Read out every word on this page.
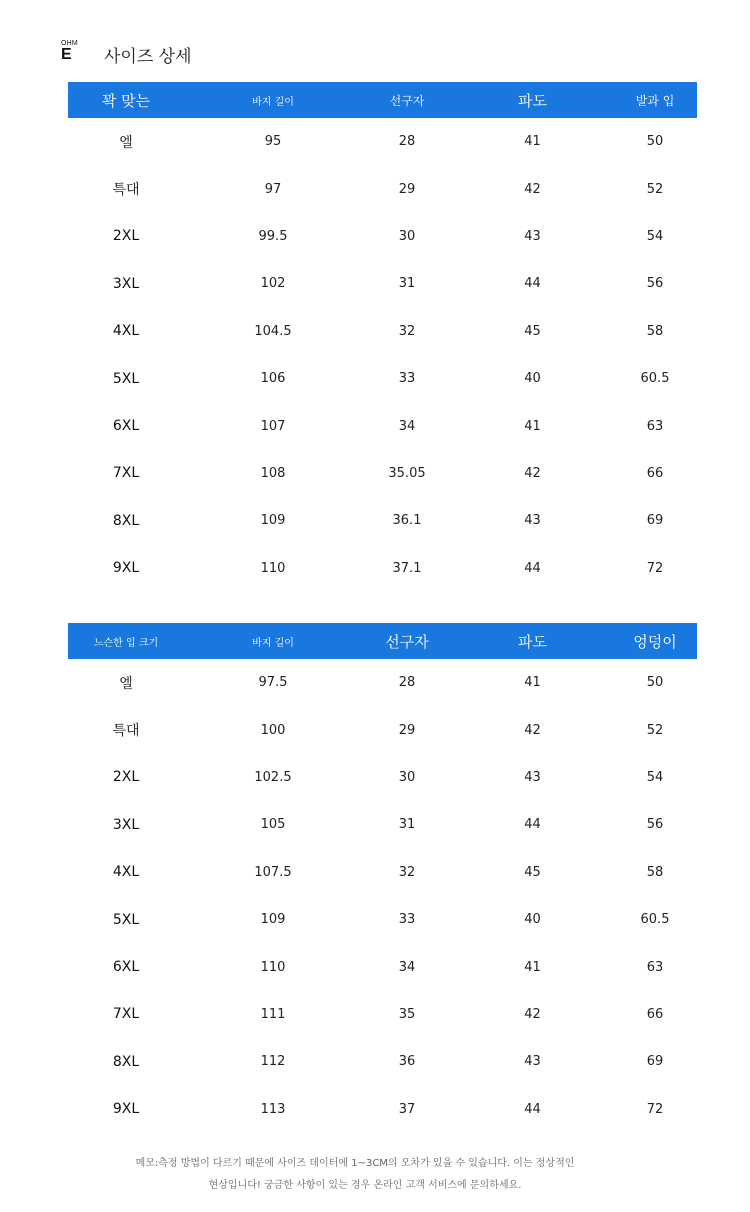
OHM
E 사이즈 상세
꽉 맞는	바지 길이	선구자	파도	발과 입
엘	95	28	41	50
특대	97	29	42	52
2XL	99.5	30	43	54
3XL	102	31	44	56
4XL	104.5	32	45	58
5XL	106	33	40	60.5
6XL	107	34	41	63
7XL	108	35.05	42	66
8XL	109	36.1	43	69
9XL	110	37.1	44	72
느슨한 입 크기	바지 길이	선구자	파도	엉덩이
엘	97.5	28	41	50
특대	100	29	42	52
2XL	102.5	30	43	54
3XL	105	31	44	56
4XL	107.5	32	45	58
5XL	109	33	40	60.5
6XL	110	34	41	63
7XL	111	35	42	66
8XL	112	36	43	69
9XL	113	37	44	72
메모:측정 방법이 다르기 때문에 사이즈 데이터에 1~3CM의 오차가 있을 수 있습니다. 이는 정상적인
현상입니다! 궁금한 사항이 있는 경우 온라인 고객 서비스에 문의하세요.
